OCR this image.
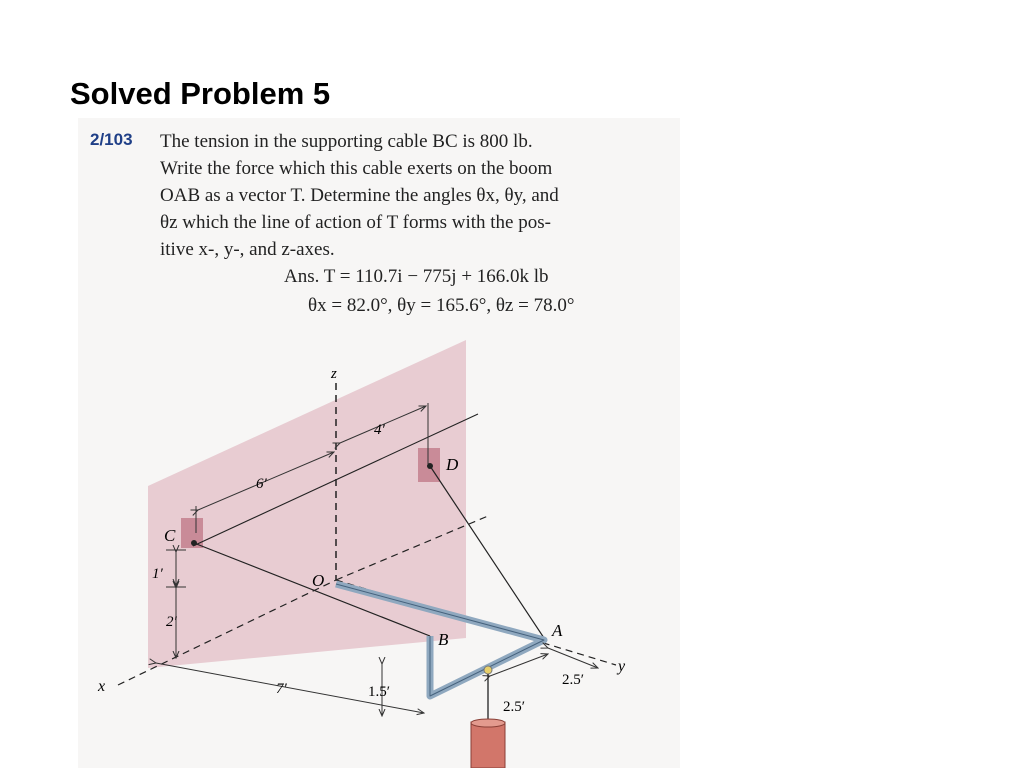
Solved Problem 5
2/103 The tension in the supporting cable BC is 800 lb.
Write the force which this cable exerts on the boom
OAB as a vector T. Determine the angles θx, θy, and
θz which the line of action of T forms with the pos-
itive x-, y-, and z-axes.
Ans. T = 110.7i − 775j + 166.0k lb
θx = 82.0°, θy = 165.6°, θz = 78.0°
z
x
y
4′
6′
C
D
1′
2′
O
A
B
7′	1.5′
2.5′
2.5′
